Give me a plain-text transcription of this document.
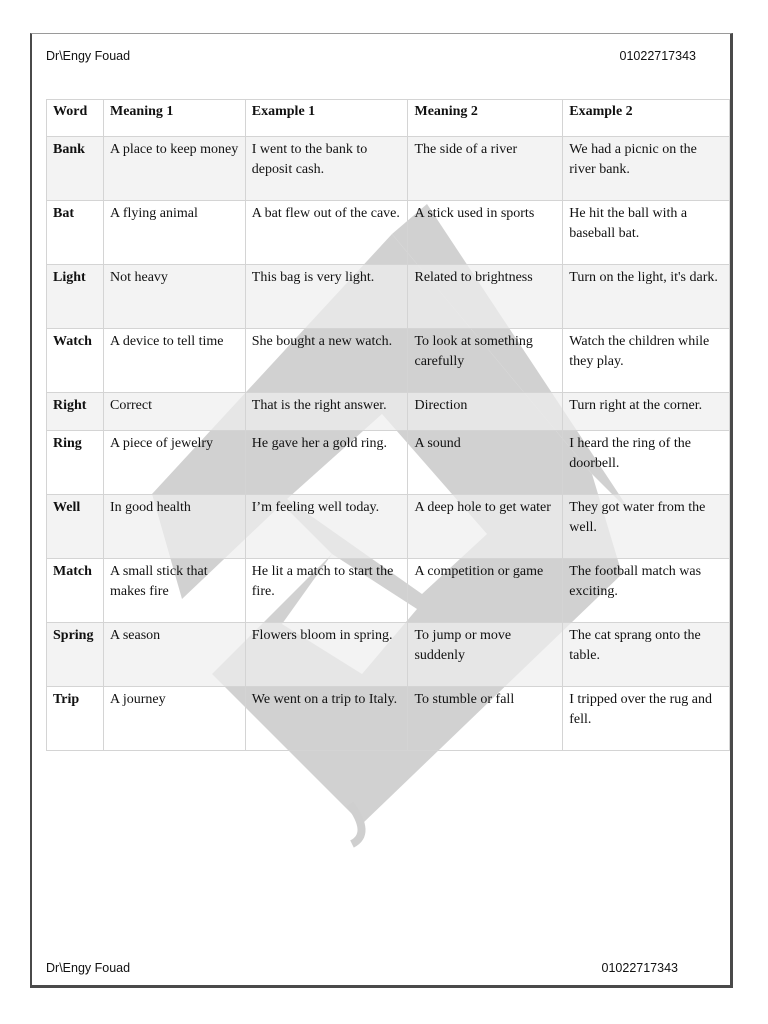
Dr\Engy Fouad	01022717343
Word	Meaning 1	Example 1	Meaning 2	Example 2
Bank	A place to keep money	I went to the bank to deposit cash.	The side of a river	We had a picnic on the river bank.
Bat	A flying animal	A bat flew out of the cave.	A stick used in sports	He hit the ball with a baseball bat.
Light	Not heavy	This bag is very light.	Related to brightness	Turn on the light, it's dark.
Watch	A device to tell time	She bought a new watch.	To look at something carefully	Watch the children while they play.
Right	Correct	That is the right answer.	Direction	Turn right at the corner.
Ring	A piece of jewelry	He gave her a gold ring.	A sound	I heard the ring of the doorbell.
Well	In good health	I’m feeling well today.	A deep hole to get water	They got water from the well.
Match	A small stick that makes fire	He lit a match to start the fire.	A competition or game	The football match was exciting.
Spring	A season	Flowers bloom in spring.	To jump or move suddenly	The cat sprang onto the table.
Trip	A journey	We went on a trip to Italy.	To stumble or fall	I tripped over the rug and fell.
Dr\Engy Fouad	01022717343
